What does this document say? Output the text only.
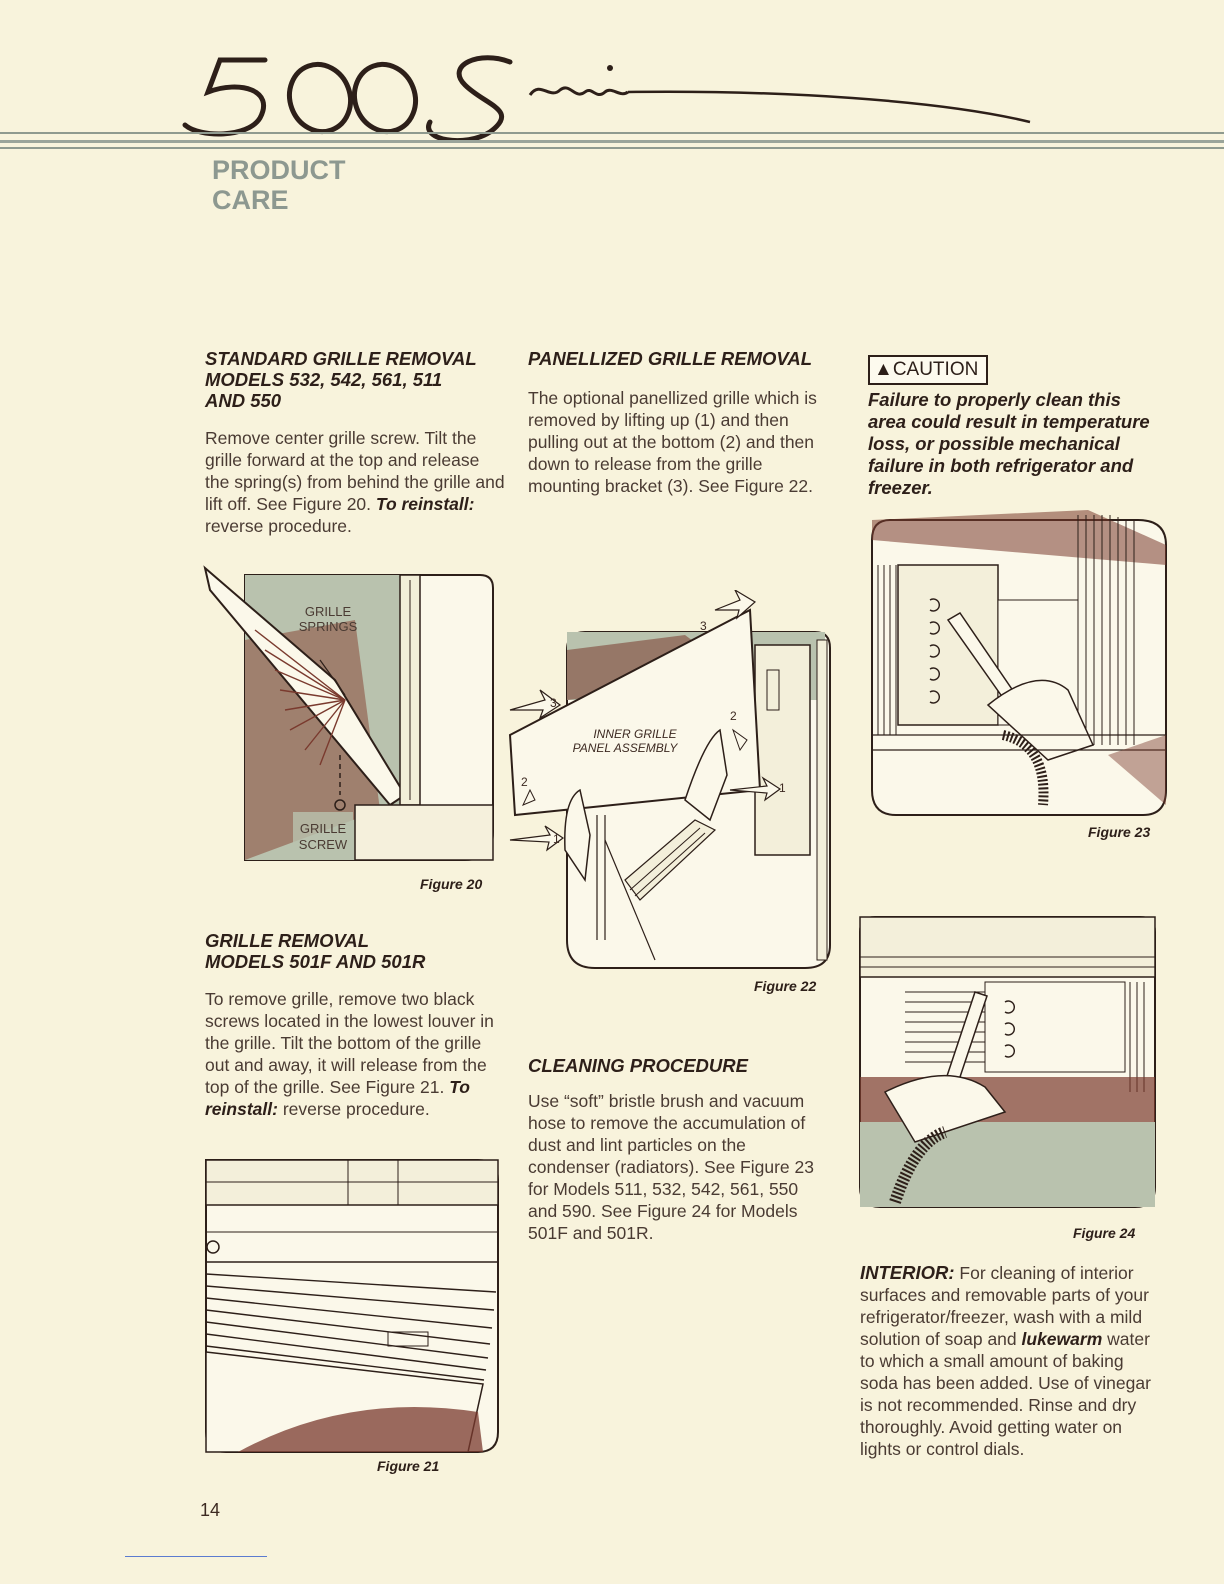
500 Series
PRODUCT
CARE

STANDARD GRILLE REMOVAL
MODELS 532, 542, 561, 511
AND 550

Remove center grille screw. Tilt the grille forward at the top and release the spring(s) from behind the grille and lift off. See Figure 20. To reinstall: reverse procedure.

GRILLE
SPRINGS
GRILLE
SCREW
Figure 20

GRILLE REMOVAL
MODELS 501F AND 501R

To remove grille, remove two black screws located in the lowest louver in the grille. Tilt the bottom of the grille out and away, it will release from the top of the grille. See Figure 21. To reinstall: reverse procedure.

Figure 21

PANELLIZED GRILLE REMOVAL

The optional panellized grille which is removed by lifting up (1) and then pulling out at the bottom (2) and then down to release from the grille mounting bracket (3). See Figure 22.

INNER GRILLE
PANEL ASSEMBLY
1
1
2
2
3
3
Figure 22

CLEANING PROCEDURE

Use “soft” bristle brush and vacuum hose to remove the accumulation of dust and lint particles on the condenser (radiators). See Figure 23 for Models 511, 532, 542, 561, 550 and 590. See Figure 24 for Models 501F and 501R.

▲CAUTION

Failure to properly clean this area could result in temperature loss, or possible mechanical failure in both refrigerator and freezer.

Figure 23
Figure 24

INTERIOR: For cleaning of interior surfaces and removable parts of your refrigerator/freezer, wash with a mild solution of soap and lukewarm water to which a small amount of baking soda has been added. Use of vinegar is not recommended. Rinse and dry thoroughly. Avoid getting water on lights or control dials.

14
